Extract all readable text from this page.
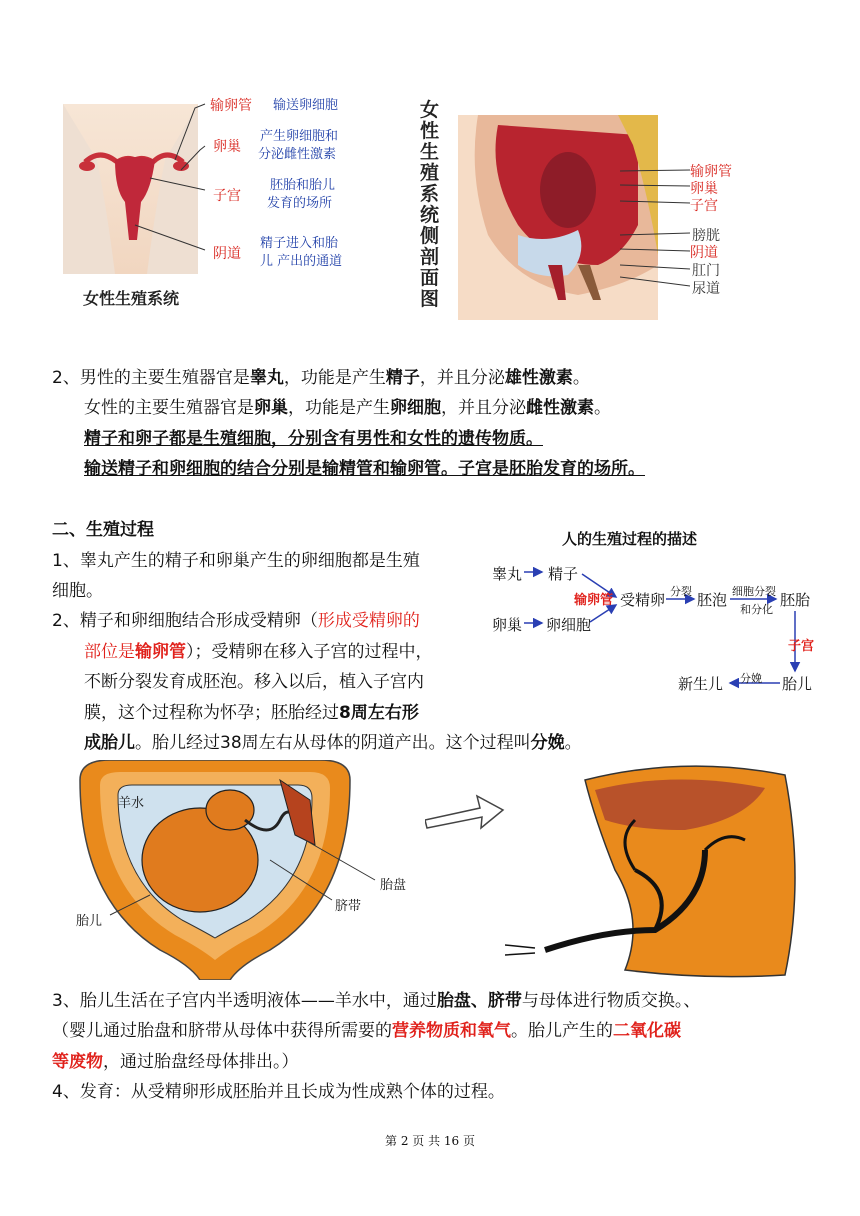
输卵管 输送卵细胞
卵巢
产生卵细胞和
分泌雌性激素
子宫
胚胎和胎儿
发育的场所
阴道
精子进入和胎
儿 产出的通道
女性生殖系统
女性生殖系统侧剖面图
输卵管
卵巢
子宫
膀胱
阴道
肛门
尿道
2、男性的主要生殖器官是睾丸，功能是产生精子，并且分泌雄性激素。
女性的主要生殖器官是卵巢，功能是产生卵细胞，并且分泌雌性激素。
精子和卵子都是生殖细胞，分别含有男性和女性的遗传物质。
输送精子和卵细胞的结合分别是输精管和输卵管。子宫是胚胎发育的场所。
二、生殖过程
1、睾丸产生的精子和卵巢产生的卵细胞都是生殖
细胞。
2、精子和卵细胞结合形成受精卵（形成受精卵的
部位是输卵管）；受精卵在移入子宫的过程中，
不断分裂发育成胚泡。移入以后，植入子宫内
膜，这个过程称为怀孕；胚胎经过8周左右形
成胎儿。胎儿经过38周左右从母体的阴道产出。这个过程叫分娩。
人的生殖过程的描述
睾丸 精子
卵巢 卵细胞
输卵管 受精卵 分裂 胚泡 细胞分裂
和分化
胚胎
子宫
胎儿
分娩
新生儿
羊水
胎盘
脐带
胎儿
3、胎儿生活在子宫内半透明液体——羊水中，通过胎盘、脐带与母体进行物质交换。、
（婴儿通过胎盘和脐带从母体中获得所需要的营养物质和氧气。胎儿产生的二氧化碳
等废物，通过胎盘经母体排出。）
4、发育：从受精卵形成胚胎并且长成为性成熟个体的过程。
第 2 页 共 16 页
